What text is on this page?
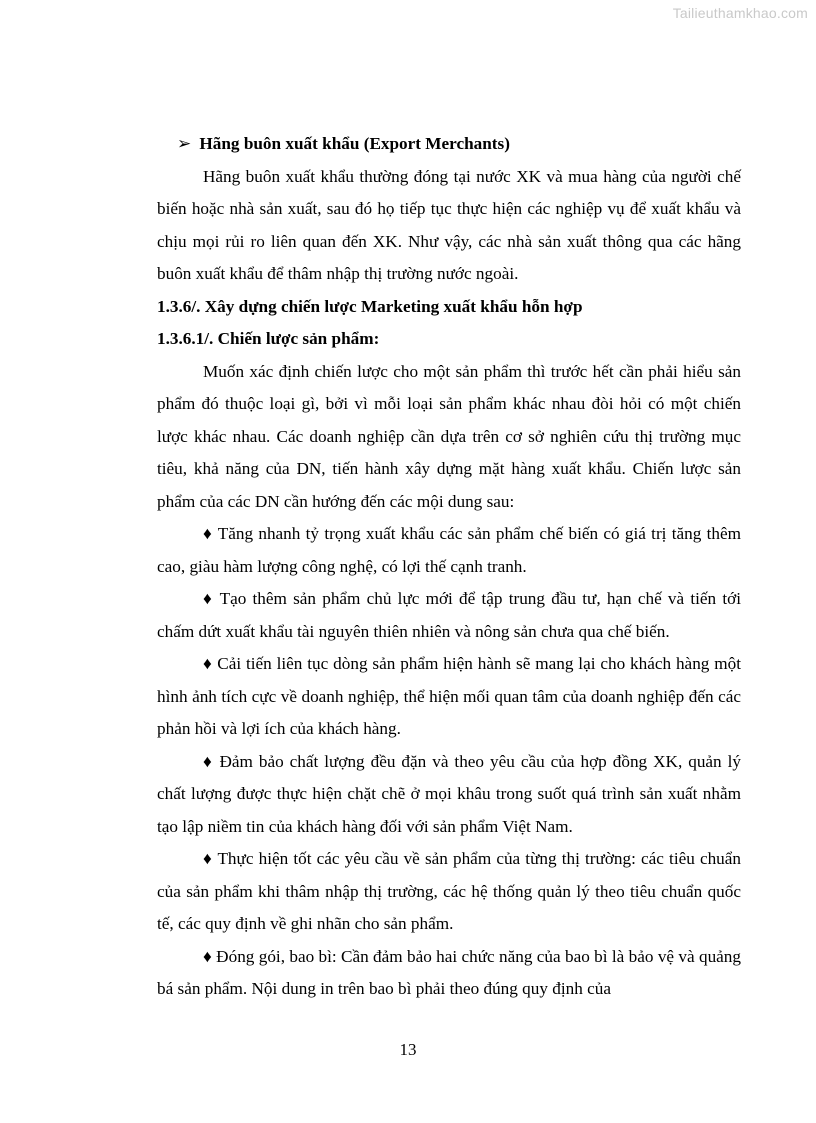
Tailieuthamkhao.com

➢ Hãng buôn xuất khẩu (Export Merchants)

Hãng buôn xuất khẩu thường đóng tại nước XK và mua hàng của người chế biến hoặc nhà sản xuất, sau đó họ tiếp tục thực hiện các nghiệp vụ để xuất khẩu và chịu mọi rủi ro liên quan đến XK. Như vậy, các nhà sản xuất thông qua các hãng buôn xuất khẩu để thâm nhập thị trường nước ngoài.

1.3.6/. Xây dựng chiến lược Marketing xuất khẩu hỗn hợp

1.3.6.1/. Chiến lược sản phẩm:

Muốn xác định chiến lược cho một sản phẩm thì trước hết cần phải hiểu sản phẩm đó thuộc loại gì, bởi vì mỗi loại sản phẩm khác nhau đòi hỏi có một chiến lược khác nhau. Các doanh nghiệp cần dựa trên cơ sở nghiên cứu thị trường mục tiêu, khả năng của DN, tiến hành xây dựng mặt hàng xuất khẩu. Chiến lược sản phẩm của các DN cần hướng đến các mội dung sau:

♦ Tăng nhanh tỷ trọng xuất khẩu các sản phẩm chế biến có giá trị tăng thêm cao, giàu hàm lượng công nghệ, có lợi thế cạnh tranh.

♦ Tạo thêm sản phẩm chủ lực mới để tập trung đầu tư, hạn chế và tiến tới chấm dứt xuất khẩu tài nguyên thiên nhiên và nông sản chưa qua chế biến.

♦ Cải tiến liên tục dòng sản phẩm hiện hành sẽ mang lại cho khách hàng một hình ảnh tích cực về doanh nghiệp, thể hiện mối quan tâm của doanh nghiệp đến các phản hồi và lợi ích của khách hàng.

♦ Đảm bảo chất lượng đều đặn và theo yêu cầu của hợp đồng XK, quản lý chất lượng được thực hiện chặt chẽ ở mọi khâu trong suốt quá trình sản xuất nhằm tạo lập niềm tin của khách hàng đối với sản phẩm Việt Nam.

♦ Thực hiện tốt các yêu cầu về sản phẩm của từng thị trường: các tiêu chuẩn của sản phẩm khi thâm nhập thị trường, các hệ thống quản lý theo tiêu chuẩn quốc tế, các quy định về ghi nhãn cho sản phẩm.

♦ Đóng gói, bao bì: Cần đảm bảo hai chức năng của bao bì là bảo vệ và quảng bá sản phẩm. Nội dung in trên bao bì phải theo đúng quy định của

13
